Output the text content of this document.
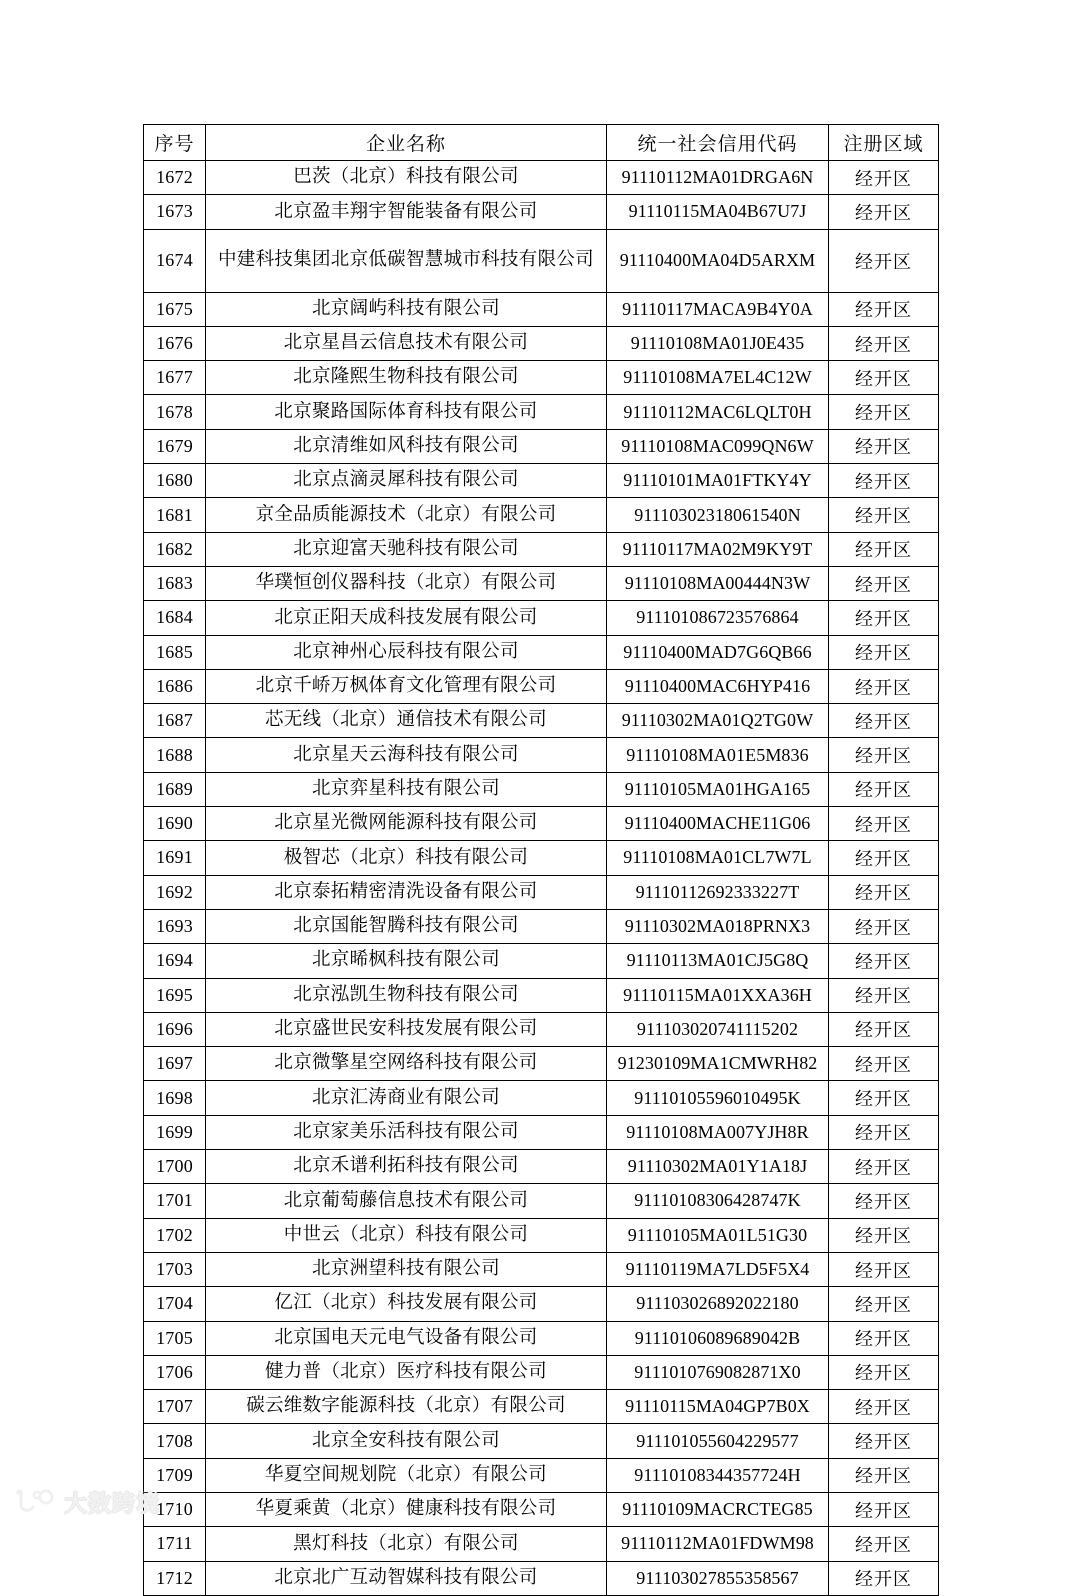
序号	企业名称	统一社会信用代码	注册区域
1672	巴茨（北京）科技有限公司	91110112MA01DRGA6N	经开区
1673	北京盈丰翔宇智能装备有限公司	91110115MA04B67U7J	经开区
1674	中建科技集团北京低碳智慧城市科技有限公司	91110400MA04D5ARXM	经开区
1675	北京阔屿科技有限公司	91110117MACA9B4Y0A	经开区
1676	北京星昌云信息技术有限公司	91110108MA01J0E435	经开区
1677	北京隆熙生物科技有限公司	91110108MA7EL4C12W	经开区
1678	北京聚路国际体育科技有限公司	91110112MAC6LQLT0H	经开区
1679	北京清维如风科技有限公司	91110108MAC099QN6W	经开区
1680	北京点滴灵犀科技有限公司	91110101MA01FTKY4Y	经开区
1681	京全品质能源技术（北京）有限公司	91110302318061540N	经开区
1682	北京迎富天驰科技有限公司	91110117MA02M9KY9T	经开区
1683	华璞恒创仪器科技（北京）有限公司	91110108MA00444N3W	经开区
1684	北京正阳天成科技发展有限公司	911101086723576864	经开区
1685	北京神州心辰科技有限公司	91110400MAD7G6QB66	经开区
1686	北京千峤万枫体育文化管理有限公司	91110400MAC6HYP416	经开区
1687	芯无线（北京）通信技术有限公司	91110302MA01Q2TG0W	经开区
1688	北京星天云海科技有限公司	91110108MA01E5M836	经开区
1689	北京弈星科技有限公司	91110105MA01HGA165	经开区
1690	北京星光微网能源科技有限公司	91110400MACHE11G06	经开区
1691	极智芯（北京）科技有限公司	91110108MA01CL7W7L	经开区
1692	北京泰拓精密清洗设备有限公司	91110112692333227T	经开区
1693	北京国能智腾科技有限公司	91110302MA018PRNX3	经开区
1694	北京晞枫科技有限公司	91110113MA01CJ5G8Q	经开区
1695	北京泓凯生物科技有限公司	91110115MA01XXA36H	经开区
1696	北京盛世民安科技发展有限公司	911103020741115202	经开区
1697	北京微擎星空网络科技有限公司	91230109MA1CMWRH82	经开区
1698	北京汇涛商业有限公司	91110105596010495K	经开区
1699	北京家美乐活科技有限公司	91110108MA007YJH8R	经开区
1700	北京禾谱利拓科技有限公司	91110302MA01Y1A18J	经开区
1701	北京葡萄藤信息技术有限公司	91110108306428747K	经开区
1702	中世云（北京）科技有限公司	91110105MA01L51G30	经开区
1703	北京洲望科技有限公司	91110119MA7LD5F5X4	经开区
1704	亿江（北京）科技发展有限公司	911103026892022180	经开区
1705	北京国电天元电气设备有限公司	91110106089689042B	经开区
1706	健力普（北京）医疗科技有限公司	9111010769082871X0	经开区
1707	碳云维数字能源科技（北京）有限公司	91110115MA04GP7B0X	经开区
1708	北京全安科技有限公司	911101055604229577	经开区
1709	华夏空间规划院（北京）有限公司	91110108344357724H	经开区
1710	华夏乘黄（北京）健康科技有限公司	91110109MACRCTEG85	经开区
1711	黑灯科技（北京）有限公司	91110112MA01FDWM98	经开区
1712	北京北广互动智媒科技有限公司	911103027855358567	经开区
大数跨境
